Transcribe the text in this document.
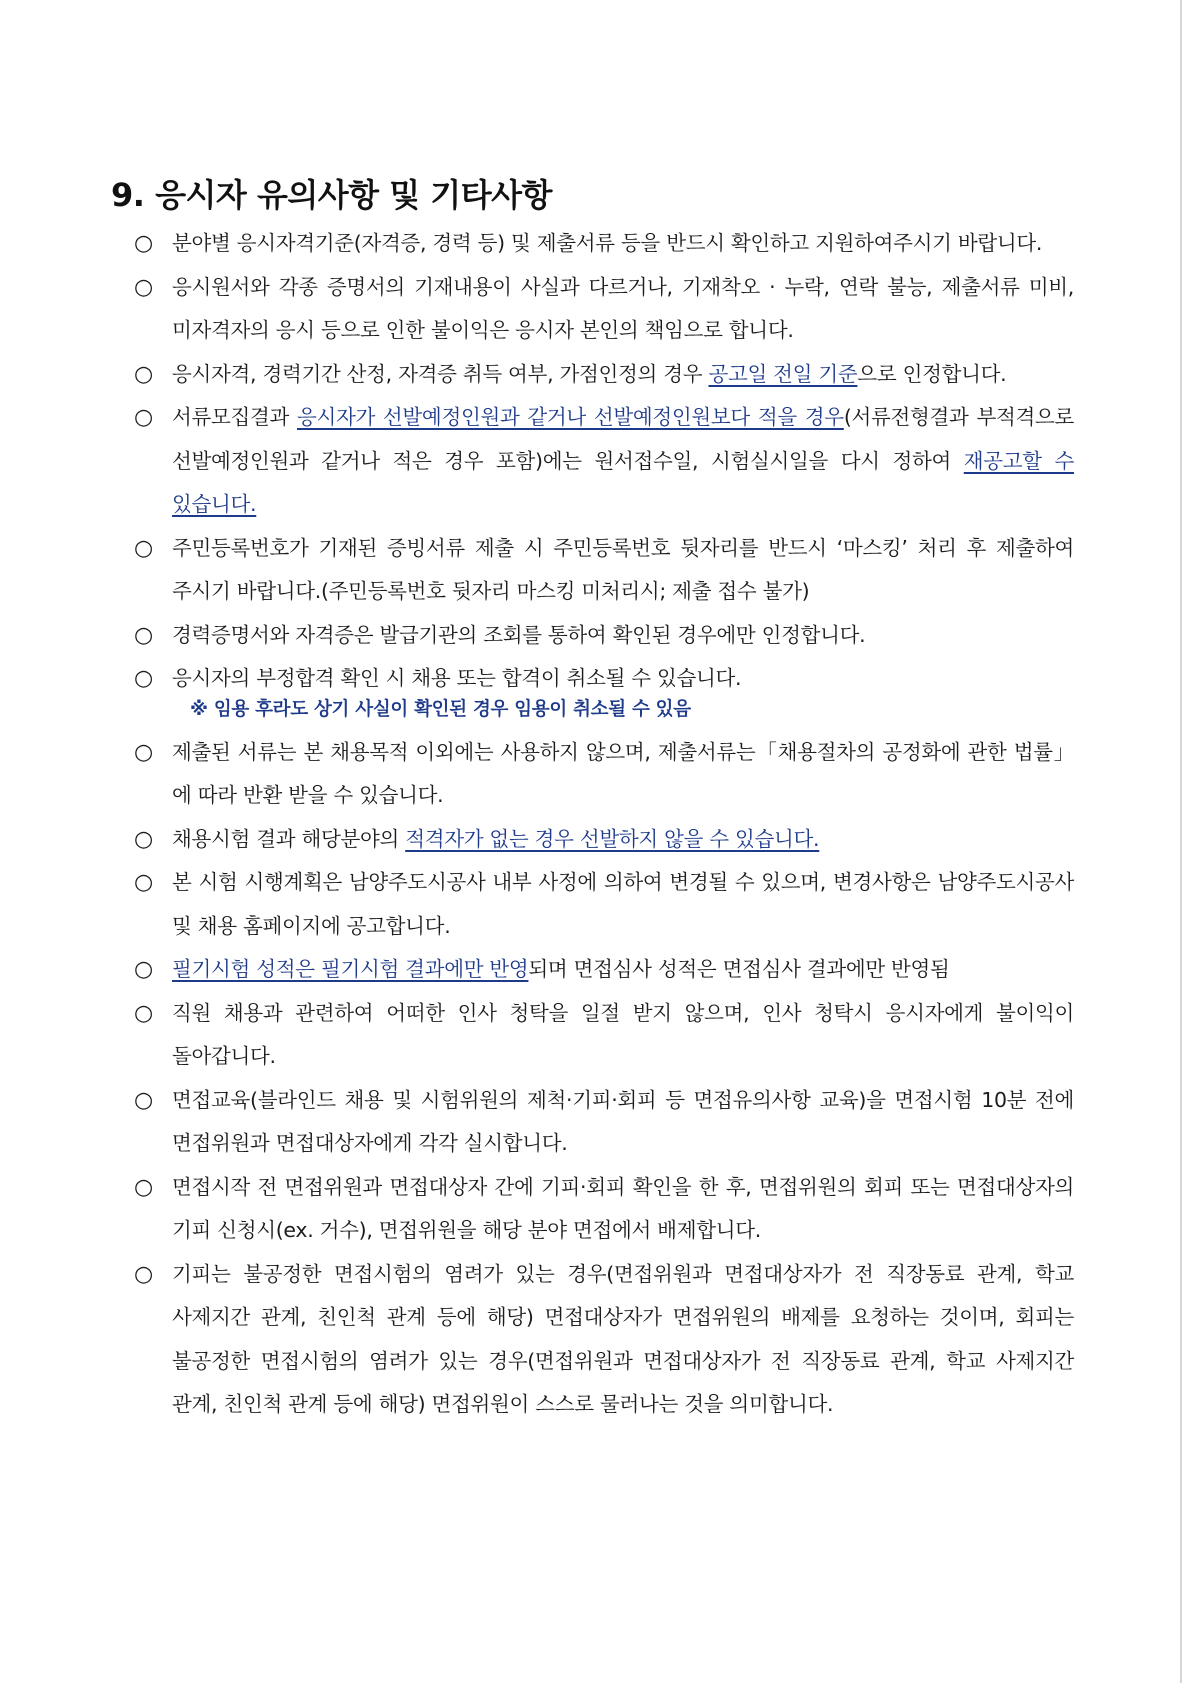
9. 응시자 유의사항 및 기타사항
○ 분야별 응시자격기준(자격증, 경력 등) 및 제출서류 등을 반드시 확인하고 지원하여주시기 바랍니다.
○ 응시원서와 각종 증명서의 기재내용이 사실과 다르거나, 기재착오 · 누락, 연락 불능, 제출서류 미비, 미자격자의 응시 등으로 인한 불이익은 응시자 본인의 책임으로 합니다.
○ 응시자격, 경력기간 산정, 자격증 취득 여부, 가점인정의 경우 공고일 전일 기준으로 인정합니다.
○ 서류모집결과 응시자가 선발예정인원과 같거나 선발예정인원보다 적을 경우(서류전형결과 부적격으로 선발예정인원과 같거나 적은 경우 포함)에는 원서접수일, 시험실시일을 다시 정하여 재공고할 수 있습니다.
○ 주민등록번호가 기재된 증빙서류 제출 시 주민등록번호 뒷자리를 반드시 ‘마스킹’ 처리 후 제출하여 주시기 바랍니다.(주민등록번호 뒷자리 마스킹 미처리시; 제출 접수 불가)
○ 경력증명서와 자격증은 발급기관의 조회를 통하여 확인된 경우에만 인정합니다.
○ 응시자의 부정합격 확인 시 채용 또는 합격이 취소될 수 있습니다.
※ 임용 후라도 상기 사실이 확인된 경우 임용이 취소될 수 있음
○ 제출된 서류는 본 채용목적 이외에는 사용하지 않으며, 제출서류는「채용절차의 공정화에 관한 법률」에 따라 반환 받을 수 있습니다.
○ 채용시험 결과 해당분야의 적격자가 없는 경우 선발하지 않을 수 있습니다.
○ 본 시험 시행계획은 남양주도시공사 내부 사정에 의하여 변경될 수 있으며, 변경사항은 남양주도시공사 및 채용 홈페이지에 공고합니다.
○ 필기시험 성적은 필기시험 결과에만 반영되며 면접심사 성적은 면접심사 결과에만 반영됨
○ 직원 채용과 관련하여 어떠한 인사 청탁을 일절 받지 않으며, 인사 청탁시 응시자에게 불이익이 돌아갑니다.
○ 면접교육(블라인드 채용 및 시험위원의 제척·기피·회피 등 면접유의사항 교육)을 면접시험 10분 전에 면접위원과 면접대상자에게 각각 실시합니다.
○ 면접시작 전 면접위원과 면접대상자 간에 기피·회피 확인을 한 후, 면접위원의 회피 또는 면접대상자의 기피 신청시(ex. 거수), 면접위원을 해당 분야 면접에서 배제합니다.
○ 기피는 불공정한 면접시험의 염려가 있는 경우(면접위원과 면접대상자가 전 직장동료 관계, 학교 사제지간 관계, 친인척 관계 등에 해당) 면접대상자가 면접위원의 배제를 요청하는 것이며, 회피는 불공정한 면접시험의 염려가 있는 경우(면접위원과 면접대상자가 전 직장동료 관계, 학교 사제지간 관계, 친인척 관계 등에 해당) 면접위원이 스스로 물러나는 것을 의미합니다.
